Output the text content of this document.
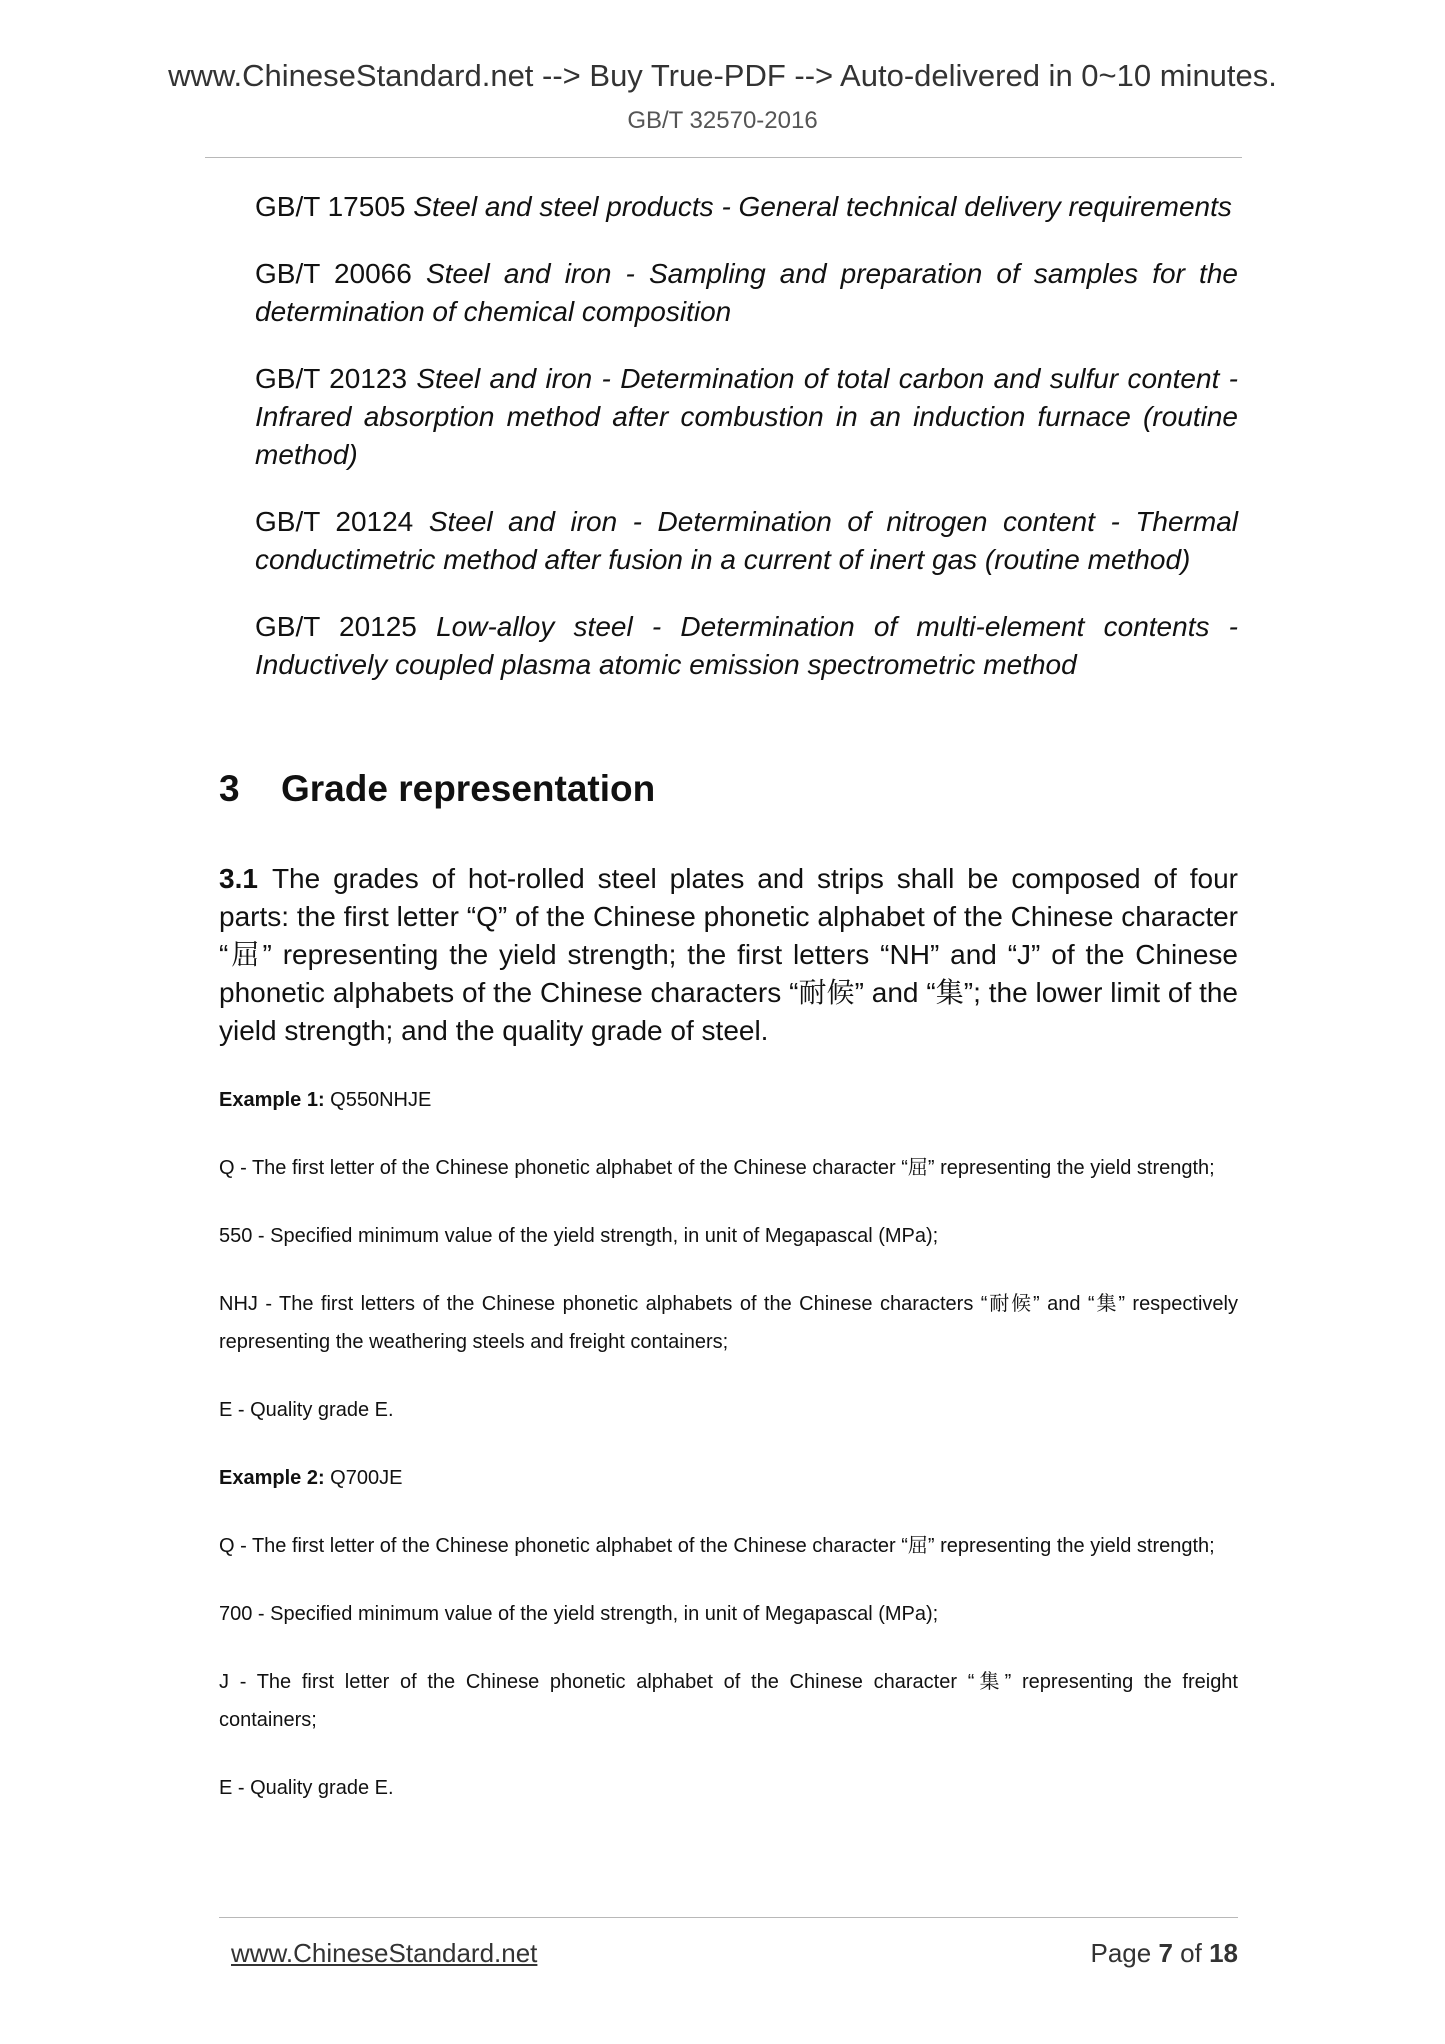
www.ChineseStandard.net --> Buy True-PDF --> Auto-delivered in 0~10 minutes.
GB/T 32570-2016

GB/T 17505 Steel and steel products - General technical delivery requirements

GB/T 20066 Steel and iron - Sampling and preparation of samples for the determination of chemical composition

GB/T 20123 Steel and iron - Determination of total carbon and sulfur content - Infrared absorption method after combustion in an induction furnace (routine method)

GB/T 20124 Steel and iron - Determination of nitrogen content - Thermal conductimetric method after fusion in a current of inert gas (routine method)

GB/T 20125 Low-alloy steel - Determination of multi-element contents - Inductively coupled plasma atomic emission spectrometric method

3 Grade representation

3.1 The grades of hot-rolled steel plates and strips shall be composed of four parts: the first letter “Q” of the Chinese phonetic alphabet of the Chinese character “屈” representing the yield strength; the first letters “NH” and “J” of the Chinese phonetic alphabets of the Chinese characters “耐候” and “集”; the lower limit of the yield strength; and the quality grade of steel.

Example 1: Q550NHJE

Q - The first letter of the Chinese phonetic alphabet of the Chinese character “屈” representing the yield strength;

550 - Specified minimum value of the yield strength, in unit of Megapascal (MPa);

NHJ - The first letters of the Chinese phonetic alphabets of the Chinese characters “耐候” and “集” respectively representing the weathering steels and freight containers;

E - Quality grade E.

Example 2: Q700JE

Q - The first letter of the Chinese phonetic alphabet of the Chinese character “屈” representing the yield strength;

700 - Specified minimum value of the yield strength, in unit of Megapascal (MPa);

J - The first letter of the Chinese phonetic alphabet of the Chinese character “集” representing the freight containers;

E - Quality grade E.

www.ChineseStandard.net	Page 7 of 18
